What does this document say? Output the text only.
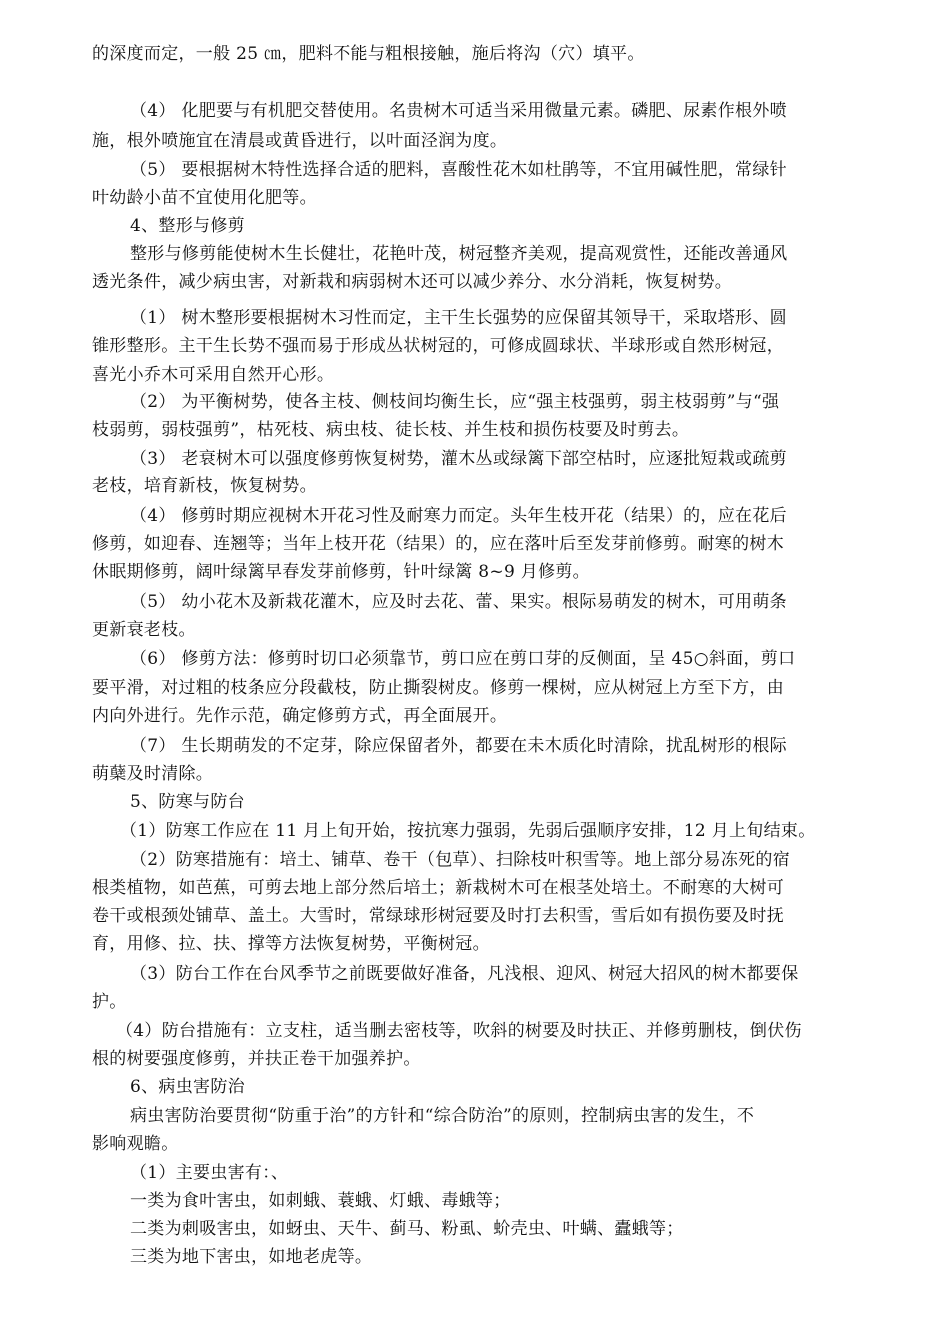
的深度而定，一般 25 ㎝，肥料不能与粗根接触，施后将沟（穴）填平。
（4） 化肥要与有机肥交替使用。名贵树木可适当采用微量元素。磷肥、尿素作根外喷
施，根外喷施宜在清晨或黄昏进行，以叶面泾润为度。
（5） 要根据树木特性选择合适的肥料，喜酸性花木如杜鹃等，不宜用碱性肥，常绿针
叶幼龄小苗不宜使用化肥等。
4、整形与修剪
整形与修剪能使树木生长健壮，花艳叶茂，树冠整齐美观，提高观赏性，还能改善通风
透光条件，减少病虫害，对新栽和病弱树木还可以减少养分、水分消耗，恢复树势。
（1） 树木整形要根据树木习性而定，主干生长强势的应保留其领导干，采取塔形、圆
锥形整形。主干生长势不强而易于形成丛状树冠的，可修成圆球状、半球形或自然形树冠，
喜光小乔木可采用自然开心形。
（2） 为平衡树势，使各主枝、侧枝间均衡生长，应“强主枝强剪，弱主枝弱剪”与“强
枝弱剪，弱枝强剪”，枯死枝、病虫枝、徒长枝、并生枝和损伤枝要及时剪去。
（3） 老衰树木可以强度修剪恢复树势，灌木丛或绿篱下部空枯时，应逐批短栽或疏剪
老枝，培育新枝，恢复树势。
（4） 修剪时期应视树木开花习性及耐寒力而定。头年生枝开花（结果）的，应在花后
修剪，如迎春、连翘等；当年上枝开花（结果）的，应在落叶后至发芽前修剪。耐寒的树木
休眠期修剪，阔叶绿篱早春发芽前修剪，针叶绿篱 8~9 月修剪。
（5） 幼小花木及新栽花灌木，应及时去花、蕾、果实。根际易萌发的树木，可用萌条
更新衰老枝。
（6） 修剪方法：修剪时切口必须靠节，剪口应在剪口芽的反侧面，呈 45○斜面，剪口
要平滑，对过粗的枝条应分段截枝，防止撕裂树皮。修剪一棵树，应从树冠上方至下方，由
内向外进行。先作示范，确定修剪方式，再全面展开。
（7） 生长期萌发的不定芽，除应保留者外，都要在未木质化时清除，扰乱树形的根际
萌蘖及时清除。
5、防寒与防台
（1）防寒工作应在 11 月上旬开始，按抗寒力强弱，先弱后强顺序安排，12 月上旬结束。
（2）防寒措施有：培土、铺草、卷干（包草）、扫除枝叶积雪等。地上部分易冻死的宿
根类植物，如芭蕉，可剪去地上部分然后培土；新栽树木可在根茎处培土。不耐寒的大树可
卷干或根颈处铺草、盖土。大雪时，常绿球形树冠要及时打去积雪，雪后如有损伤要及时抚
育，用修、拉、扶、撑等方法恢复树势，平衡树冠。
（3）防台工作在台风季节之前既要做好准备，凡浅根、迎风、树冠大招风的树木都要保
护。
（4）防台措施有：立支柱，适当删去密枝等，吹斜的树要及时扶正、并修剪删枝，倒伏伤
根的树要强度修剪，并扶正卷干加强养护。
6、病虫害防治
病虫害防治要贯彻“防重于治”的方针和“综合防治”的原则，控制病虫害的发生，不
影响观瞻。
（1）主要虫害有：、
一类为食叶害虫，如刺蛾、蓑蛾、灯蛾、毒蛾等；
二类为刺吸害虫，如蚜虫、天牛、蓟马、粉虱、蚧壳虫、叶螨、蠹蛾等；
三类为地下害虫，如地老虎等。
